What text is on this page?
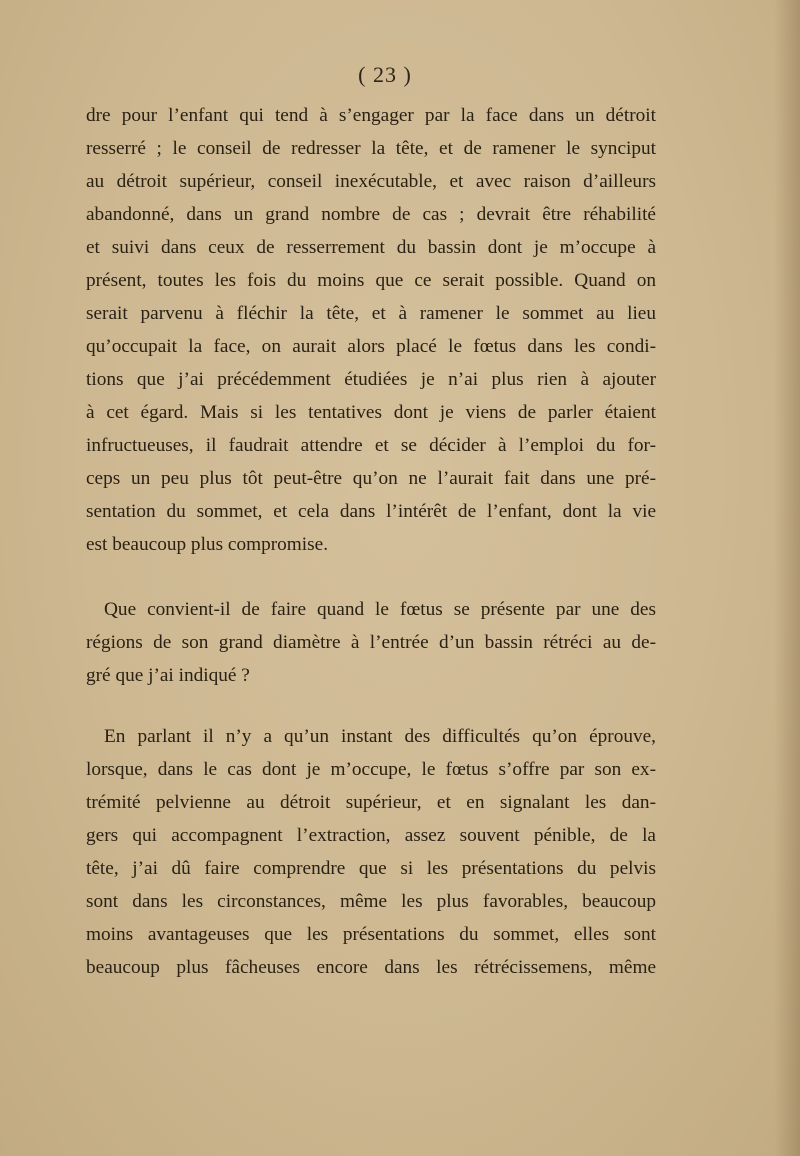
( 23 )
dre pour l’enfant qui tend à s’engager par la face dans un détroit
resserré ; le conseil de redresser la tête, et de ramener le synciput
au détroit supérieur, conseil inexécutable, et avec raison d’ailleurs
abandonné, dans un grand nombre de cas ; devrait être réhabilité
et suivi dans ceux de resserrement du bassin dont je m’occupe à
présent, toutes les fois du moins que ce serait possible. Quand on
serait parvenu à fléchir la tête, et à ramener le sommet au lieu
qu’occupait la face, on aurait alors placé le fœtus dans les condi-
tions que j’ai précédemment étudiées je n’ai plus rien à ajouter
à cet égard. Mais si les tentatives dont je viens de parler étaient
infructueuses, il faudrait attendre et se décider à l’emploi du for-
ceps un peu plus tôt peut-être qu’on ne l’aurait fait dans une pré-
sentation du sommet, et cela dans l’intérêt de l’enfant, dont la vie
est beaucoup plus compromise.
Que convient-il de faire quand le fœtus se présente par une des
régions de son grand diamètre à l’entrée d’un bassin rétréci au de-
gré que j’ai indiqué ?
En parlant il n’y a qu’un instant des difficultés qu’on éprouve,
lorsque, dans le cas dont je m’occupe, le fœtus s’offre par son ex-
trémité pelvienne au détroit supérieur, et en signalant les dan-
gers qui accompagnent l’extraction, assez souvent pénible, de la
tête, j’ai dû faire comprendre que si les présentations du pelvis
sont dans les circonstances, même les plus favorables, beaucoup
moins avantageuses que les présentations du sommet, elles sont
beaucoup plus fâcheuses encore dans les rétrécissemens, même
